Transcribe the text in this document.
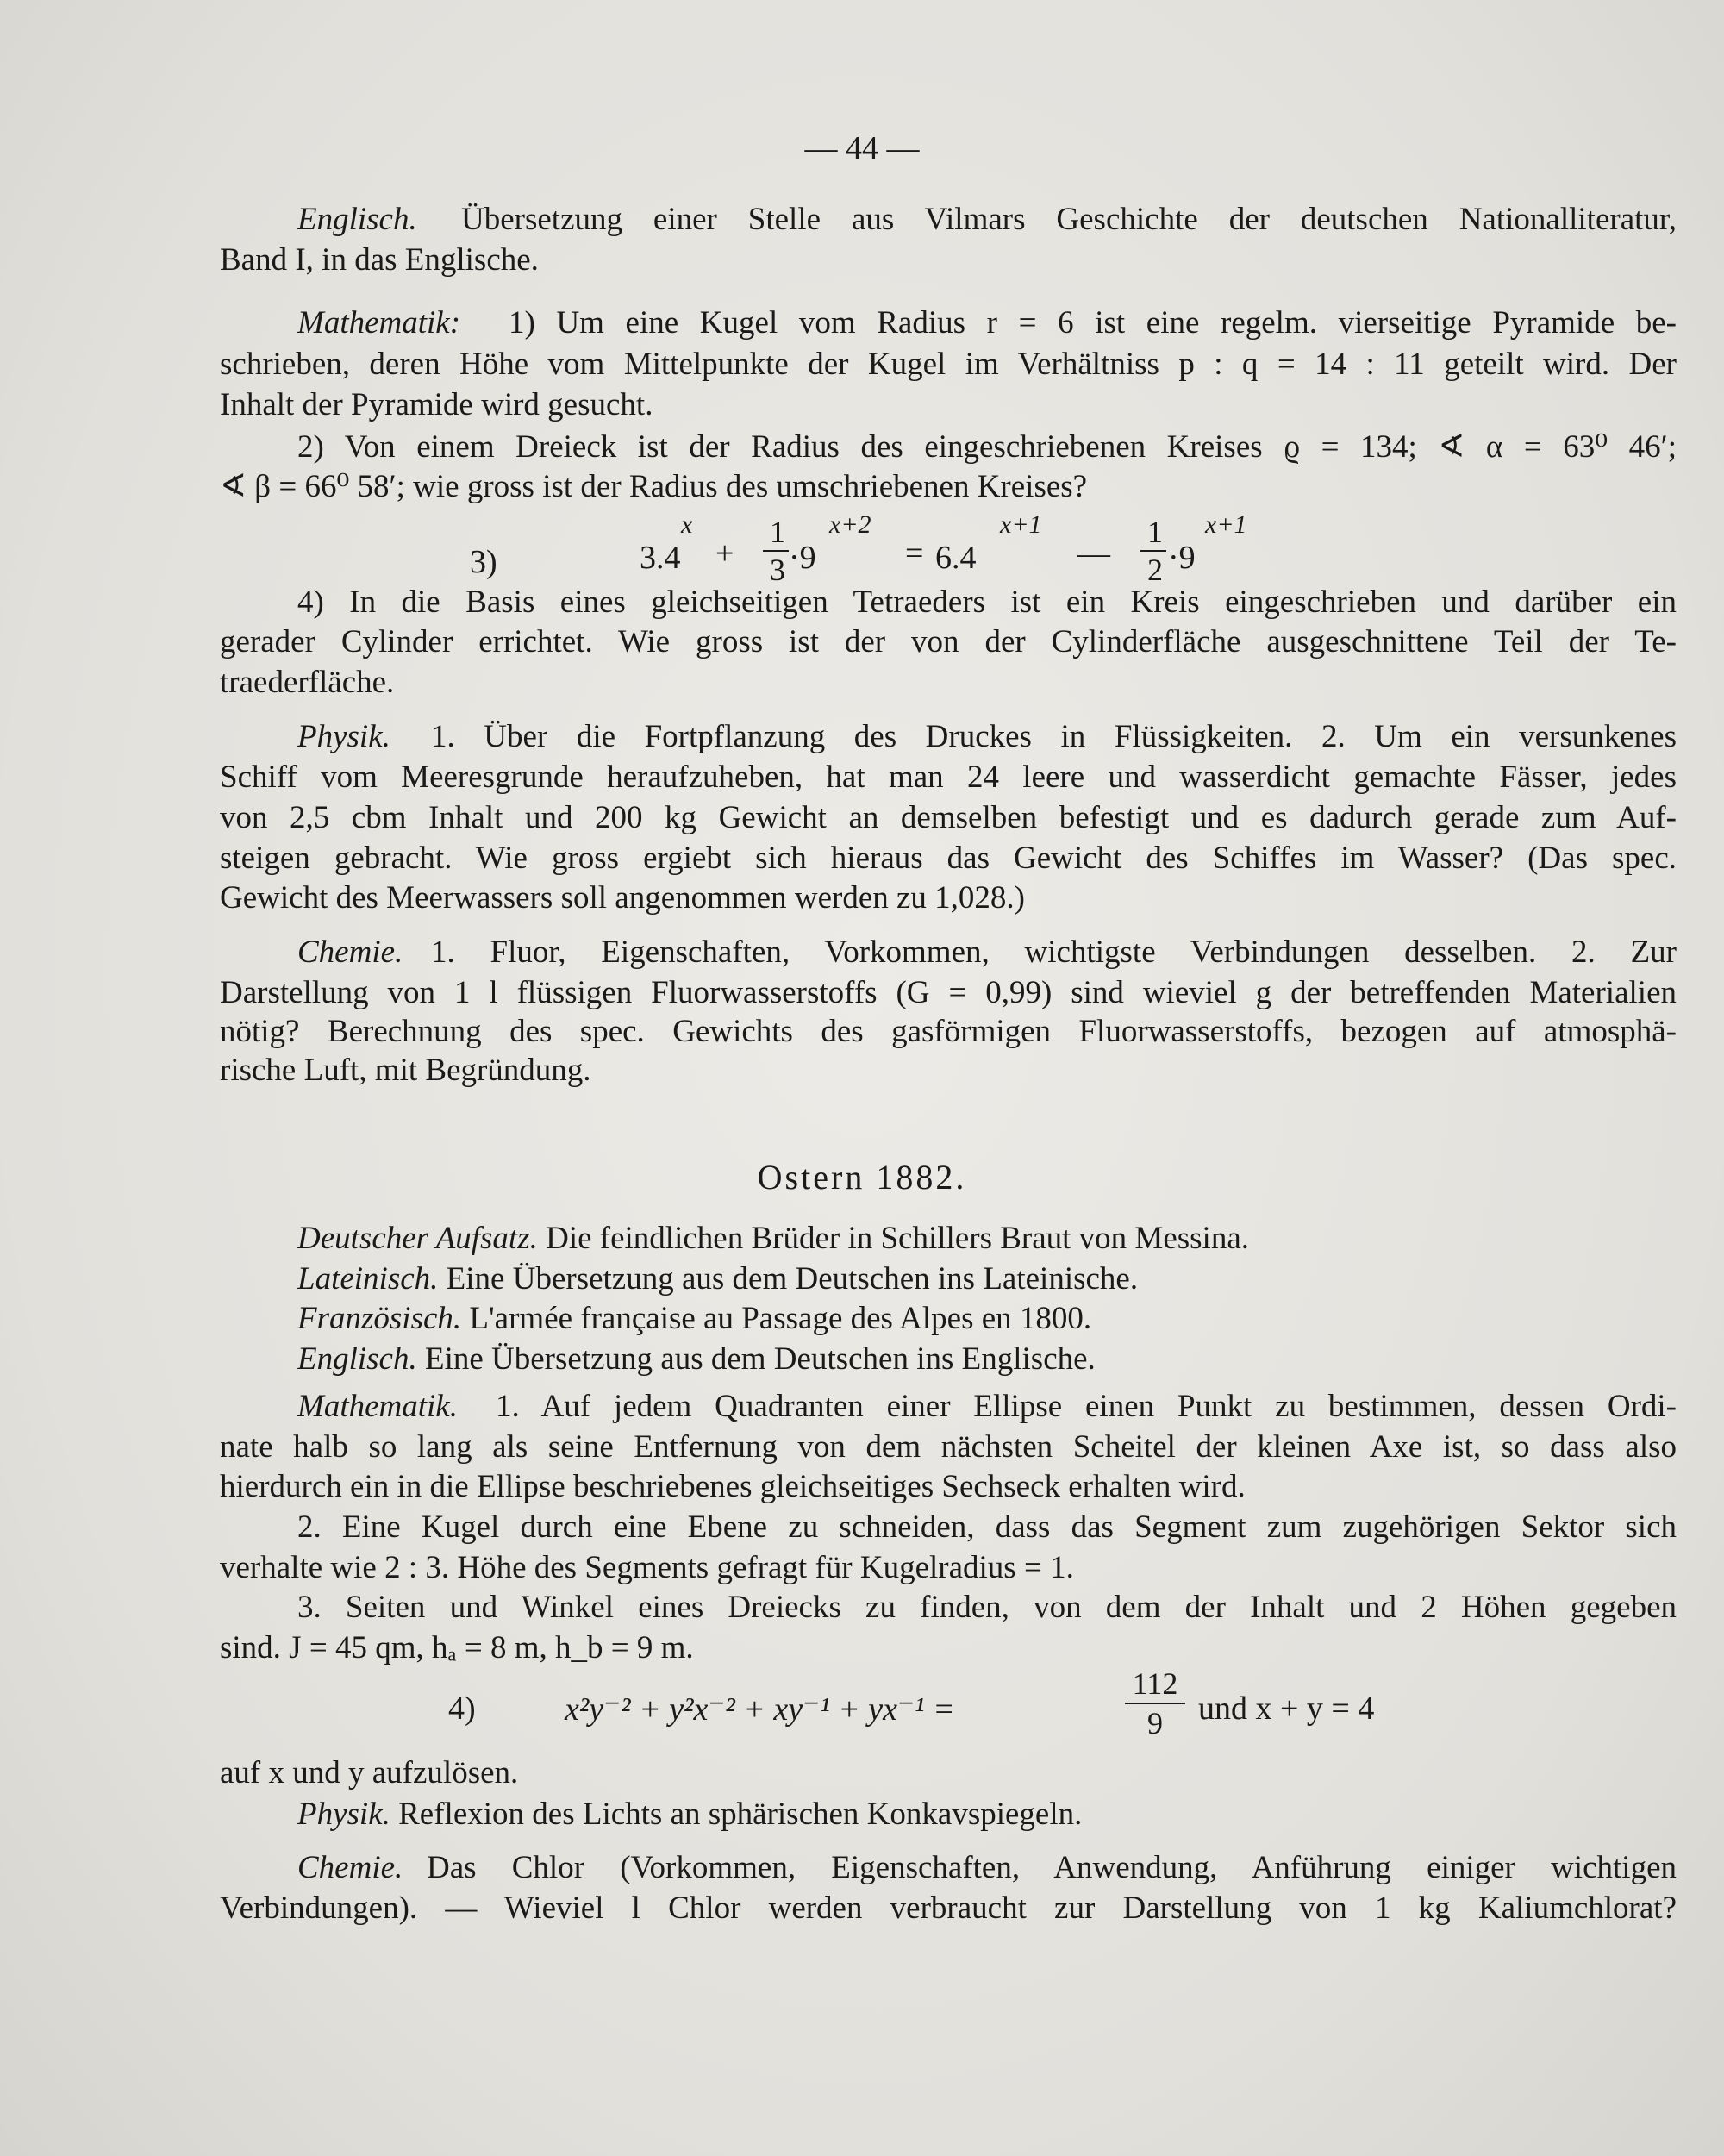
— 44 —
Englisch. Übersetzung einer Stelle aus Vilmars Geschichte der deutschen Nationalliteratur,
Band I, in das Englische.
Mathematik: 1) Um eine Kugel vom Radius r = 6 ist eine regelm. vierseitige Pyramide be-
schrieben, deren Höhe vom Mittelpunkte der Kugel im Verhältniss p : q = 14 : 11 geteilt wird. Der
Inhalt der Pyramide wird gesucht.
2) Von einem Dreieck ist der Radius des eingeschriebenen Kreises ϱ = 134; ∢ α = 63⁰ 46′;
∢ β = 66⁰ 58′; wie gross ist der Radius des umschriebenen Kreises?
3)	3.4
x
+
1
3 ·9
x+2
= 6.4
x+1
—
1
2 ·9
x+1
4) In die Basis eines gleichseitigen Tetraeders ist ein Kreis eingeschrieben und darüber ein
gerader Cylinder errichtet. Wie gross ist der von der Cylinderfläche ausgeschnittene Teil der Te-
traederfläche.
Physik. 1. Über die Fortpflanzung des Druckes in Flüssigkeiten. 2. Um ein versunkenes
Schiff vom Meeresgrunde heraufzuheben, hat man 24 leere und wasserdicht gemachte Fässer, jedes
von 2,5 cbm Inhalt und 200 kg Gewicht an demselben befestigt und es dadurch gerade zum Auf-
steigen gebracht. Wie gross ergiebt sich hieraus das Gewicht des Schiffes im Wasser? (Das spec.
Gewicht des Meerwassers soll angenommen werden zu 1,028.)
Chemie. 1. Fluor, Eigenschaften, Vorkommen, wichtigste Verbindungen desselben. 2. Zur
Darstellung von 1 l flüssigen Fluorwasserstoffs (G = 0,99) sind wieviel g der betreffenden Materialien
nötig? Berechnung des spec. Gewichts des gasförmigen Fluorwasserstoffs, bezogen auf atmosphä-
rische Luft, mit Begründung.
Ostern 1882.
Deutscher Aufsatz. Die feindlichen Brüder in Schillers Braut von Messina.
Lateinisch. Eine Übersetzung aus dem Deutschen ins Lateinische.
Französisch. L'armée française au Passage des Alpes en 1800.
Englisch. Eine Übersetzung aus dem Deutschen ins Englische.
Mathematik. 1. Auf jedem Quadranten einer Ellipse einen Punkt zu bestimmen, dessen Ordi-
nate halb so lang als seine Entfernung von dem nächsten Scheitel der kleinen Axe ist, so dass also
hierdurch ein in die Ellipse beschriebenes gleichseitiges Sechseck erhalten wird.
2. Eine Kugel durch eine Ebene zu schneiden, dass das Segment zum zugehörigen Sektor sich
verhalte wie 2 : 3. Höhe des Segments gefragt für Kugelradius = 1.
3. Seiten und Winkel eines Dreiecks zu finden, von dem der Inhalt und 2 Höhen gegeben
sind. J = 45 qm, hₐ = 8 m, h_b = 9 m.
4)	x²y⁻² + y²x⁻² + xy⁻¹ + yx⁻¹ =
112
9	und x + y = 4
auf x und y aufzulösen.
Physik. Reflexion des Lichts an sphärischen Konkavspiegeln.
Chemie. Das Chlor (Vorkommen, Eigenschaften, Anwendung, Anführung einiger wichtigen
Verbindungen). — Wieviel l Chlor werden verbraucht zur Darstellung von 1 kg Kaliumchlorat?
